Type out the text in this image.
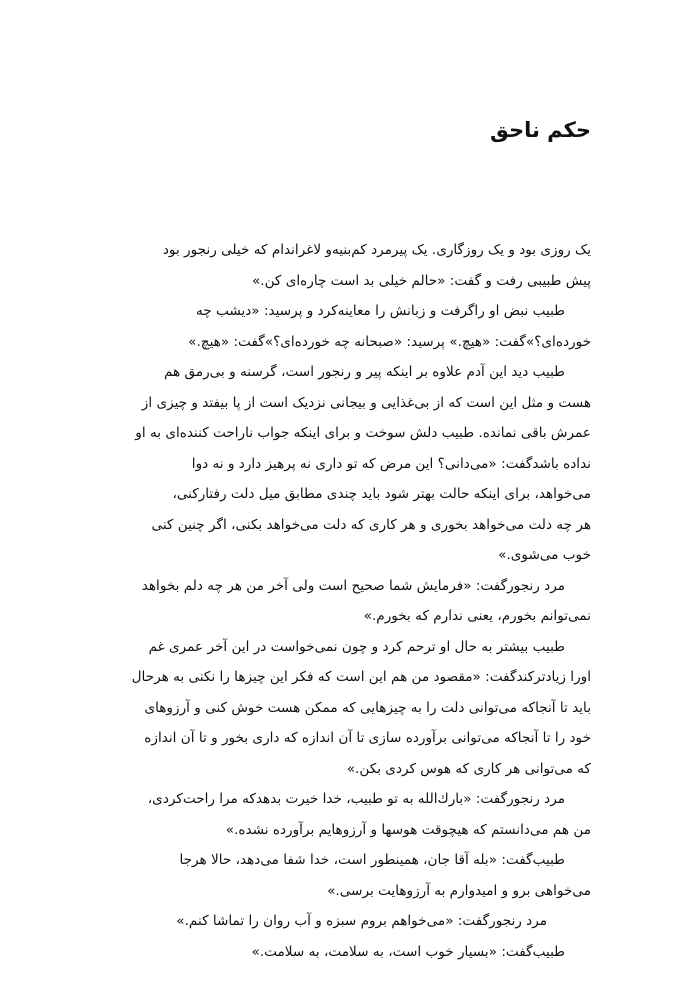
حکم ناحق
یک روزی بود و یک روزگاری. یک پیرمرد کم‌بنیه‌و لاغراندام که خیلی رنجور بود
پیش طبیبی رفت و گفت: «حالم خیلی بد است چاره‌ای کن.»
طبیب نبض او راگرفت و زبانش را معاینه‌کرد و پرسید: «دیشب چه
خورده‌ای؟»گفت: «هیچ.» پرسید: «صبحانه چه خورده‌ای؟»گفت: «هیچ.»
طبیب دید این آدم علاوه بر اینکه پیر و رنجور است، گرسنه و بی‌رمق هم
هست و مثل این است که از بی‌غذایی و بیجانی نزدیک است از پا بیفتد و چیزی از
عمرش باقی نمانده. طبیب دلش سوخت و برای اینکه جواب ناراحت کننده‌ای به او
نداده باشدگفت: «می‌دانی؟ این مرض که تو داری نه پرهیز دارد و نه دوا
می‌خواهد، برای اینکه حالت بهتر شود باید چندی مطابق میل دلت رفتارکنی،
هر چه دلت می‌خواهد بخوری و هر کاری که دلت می‌خواهد بکنی، اگر چنین کنی
خوب می‌شوی.»
مرد رنجورگفت: «فرمایش شما صحیح است ولی آخر من هر چه دلم بخواهد
نمی‌توانم بخورم، یعنی ندارم که بخورم.»
طبیب بیشتر به حال او ترحم کرد و چون نمی‌خواست در این آخر عمری غم
اورا زیادترکندگفت: «مقصود من هم این است که فکر این چیزها را نکنی به هرحال
باید تا آنجاکه می‌توانی دلت را به چیزهایی که ممکن هست خوش کنی و آرزوهای
خود را تا آنجاکه می‌توانی برآورده سازی تا آن اندازه که داری بخور و تا آن اندازه
که می‌توانی هر کاری که هوس کردی بکن.»
مرد رنجورگفت: «بارك‌الله به تو طبیب، خدا خیرت بدهدکه مرا راحت‌کردی،
من هم می‌دانستم که هیچوقت هوسها و آرزوهایم برآورده نشده.»
طبیب‌گفت: «بله آقا جان، همینطور است، خدا شفا می‌دهد، حالا هرجا
می‌خواهی برو و امیدوارم به آرزوهایت برسی.»
مرد رنجورگفت: «می‌خواهم بروم سبزه و آب روان را تماشا کنم.»
طبیب‌گفت: «بسیار خوب است، به سلامت، به سلامت.»
